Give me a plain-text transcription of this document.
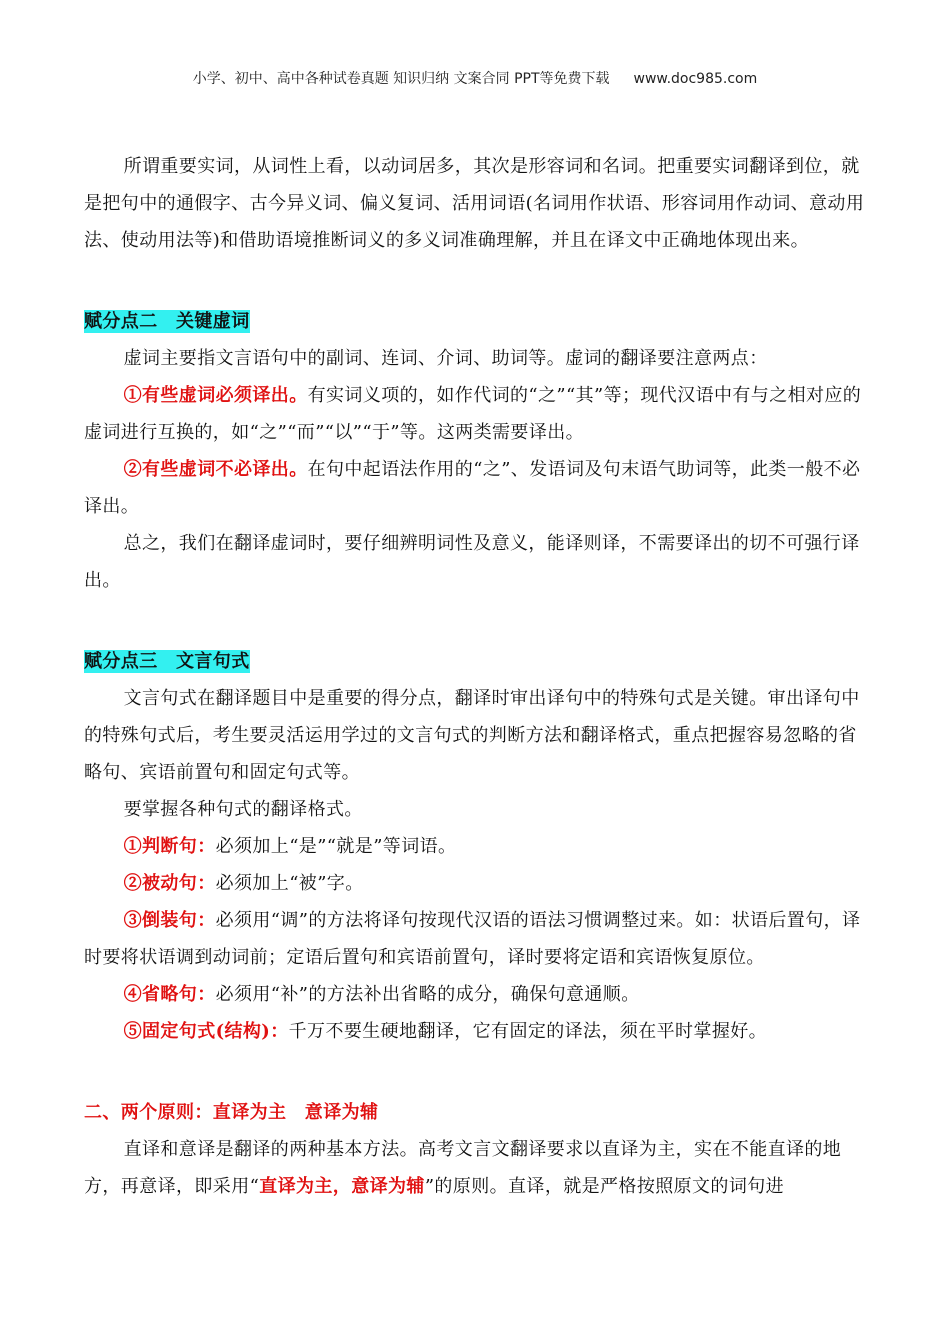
小学、初中、高中各种试卷真题 知识归纳 文案合同 PPT等免费下载 www.doc985.com

所谓重要实词，从词性上看，以动词居多，其次是形容词和名词。把重要实词翻译到位，就是把句中的通假字、古今异义词、偏义复词、活用词语(名词用作状语、形容词用作动词、意动用法、使动用法等)和借助语境推断词义的多义词准确理解，并且在译文中正确地体现出来。

赋分点二　关键虚词

虚词主要指文言语句中的副词、连词、介词、助词等。虚词的翻译要注意两点：

①有些虚词必须译出。有实词义项的，如作代词的“之”“其”等；现代汉语中有与之相对应的虚词进行互换的，如“之”“而”“以”“于”等。这两类需要译出。

②有些虚词不必译出。在句中起语法作用的“之”、发语词及句末语气助词等，此类一般不必译出。

总之，我们在翻译虚词时，要仔细辨明词性及意义，能译则译，不需要译出的切不可强行译出。

赋分点三　文言句式

文言句式在翻译题目中是重要的得分点，翻译时审出译句中的特殊句式是关键。审出译句中的特殊句式后，考生要灵活运用学过的文言句式的判断方法和翻译格式，重点把握容易忽略的省略句、宾语前置句和固定句式等。

要掌握各种句式的翻译格式。

①判断句：必须加上“是”“就是”等词语。

②被动句：必须加上“被”字。

③倒装句：必须用“调”的方法将译句按现代汉语的语法习惯调整过来。如：状语后置句，译时要将状语调到动词前；定语后置句和宾语前置句，译时要将定语和宾语恢复原位。

④省略句：必须用“补”的方法补出省略的成分，确保句意通顺。

⑤固定句式(结构)：千万不要生硬地翻译，它有固定的译法，须在平时掌握好。

二、两个原则：直译为主　意译为辅

直译和意译是翻译的两种基本方法。高考文言文翻译要求以直译为主，实在不能直译的地方，再意译，即采用“直译为主，意译为辅”的原则。直译，就是严格按照原文的词句进
